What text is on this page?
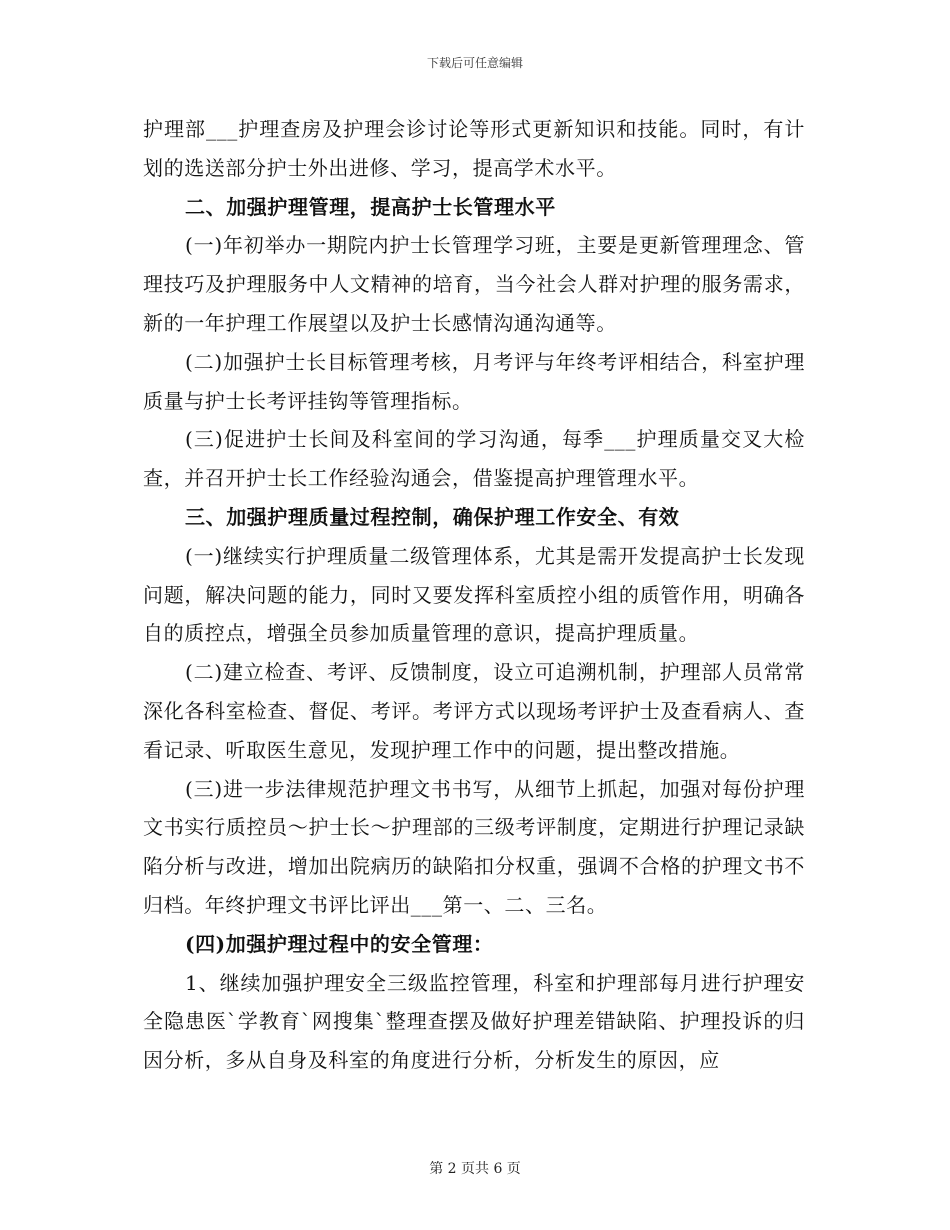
下载后可任意编辑

护理部___护理查房及护理会诊讨论等形式更新知识和技能。同时，有计划的选送部分护士外出进修、学习，提高学术水平。

二、加强护理管理，提高护士长管理水平

(一)年初举办一期院内护士长管理学习班，主要是更新管理理念、管理技巧及护理服务中人文精神的培育，当今社会人群对护理的服务需求，新的一年护理工作展望以及护士长感情沟通沟通等。

(二)加强护士长目标管理考核，月考评与年终考评相结合，科室护理质量与护士长考评挂钩等管理指标。

(三)促进护士长间及科室间的学习沟通，每季___护理质量交叉大检查，并召开护士长工作经验沟通会，借鉴提高护理管理水平。

三、加强护理质量过程控制，确保护理工作安全、有效

(一)继续实行护理质量二级管理体系，尤其是需开发提高护士长发现问题，解决问题的能力，同时又要发挥科室质控小组的质管作用，明确各自的质控点，增强全员参加质量管理的意识，提高护理质量。

(二)建立检查、考评、反馈制度，设立可追溯机制，护理部人员常常深化各科室检查、督促、考评。考评方式以现场考评护士及查看病人、查看记录、听取医生意见，发现护理工作中的问题，提出整改措施。

(三)进一步法律规范护理文书书写，从细节上抓起，加强对每份护理文书实行质控员～护士长～护理部的三级考评制度，定期进行护理记录缺陷分析与改进，增加出院病历的缺陷扣分权重，强调不合格的护理文书不归档。年终护理文书评比评出___第一、二、三名。

(四)加强护理过程中的安全管理：

1、继续加强护理安全三级监控管理，科室和护理部每月进行护理安全隐患医`学教育`网搜集`整理查摆及做好护理差错缺陷、护理投诉的归因分析，多从自身及科室的角度进行分析，分析发生的原因，应

第 2 页共 6 页
